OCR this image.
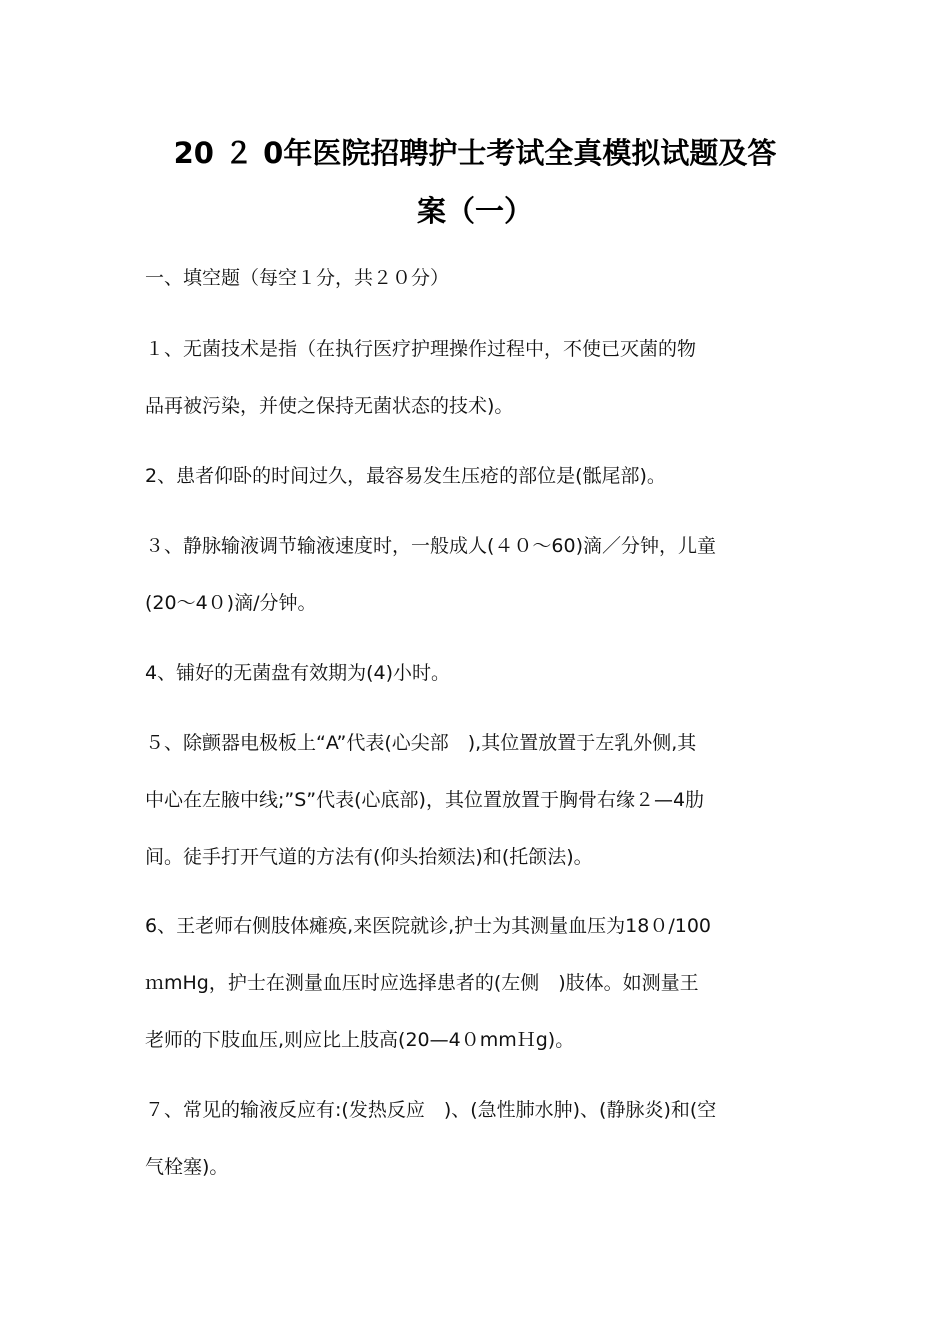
20 ２ 0年医院招聘护士考试全真模拟试题及答
案（一）
一、填空题（每空１分，共２０分）
１、无菌技术是指（在执行医疗护理操作过程中，不使已灭菌的物
品再被污染，并使之保持无菌状态的技术)。
2、患者仰卧的时间过久，最容易发生压疮的部位是(骶尾部)。
３、静脉输液调节输液速度时，一般成人(４０～60)滴／分钟，儿童
(20～4０)滴/分钟。
4、铺好的无菌盘有效期为(4)小时。
５、除颤器电极板上“A”代表(心尖部　),其位置放置于左乳外侧,其
中心在左腋中线;”S”代表(心底部)，其位置放置于胸骨右缘２—4肋
间。徒手打开气道的方法有(仰头抬颏法)和(托颌法)。
6、王老师右侧肢体瘫痪,来医院就诊,护士为其测量血压为18０/100
ｍmHg，护士在测量血压时应选择患者的(左侧　)肢体。如测量王
老师的下肢血压,则应比上肢高(20—4０mmＨg)。
７、常见的输液反应有:(发热反应　)、(急性肺水肿)、(静脉炎)和(空
气栓塞)。
